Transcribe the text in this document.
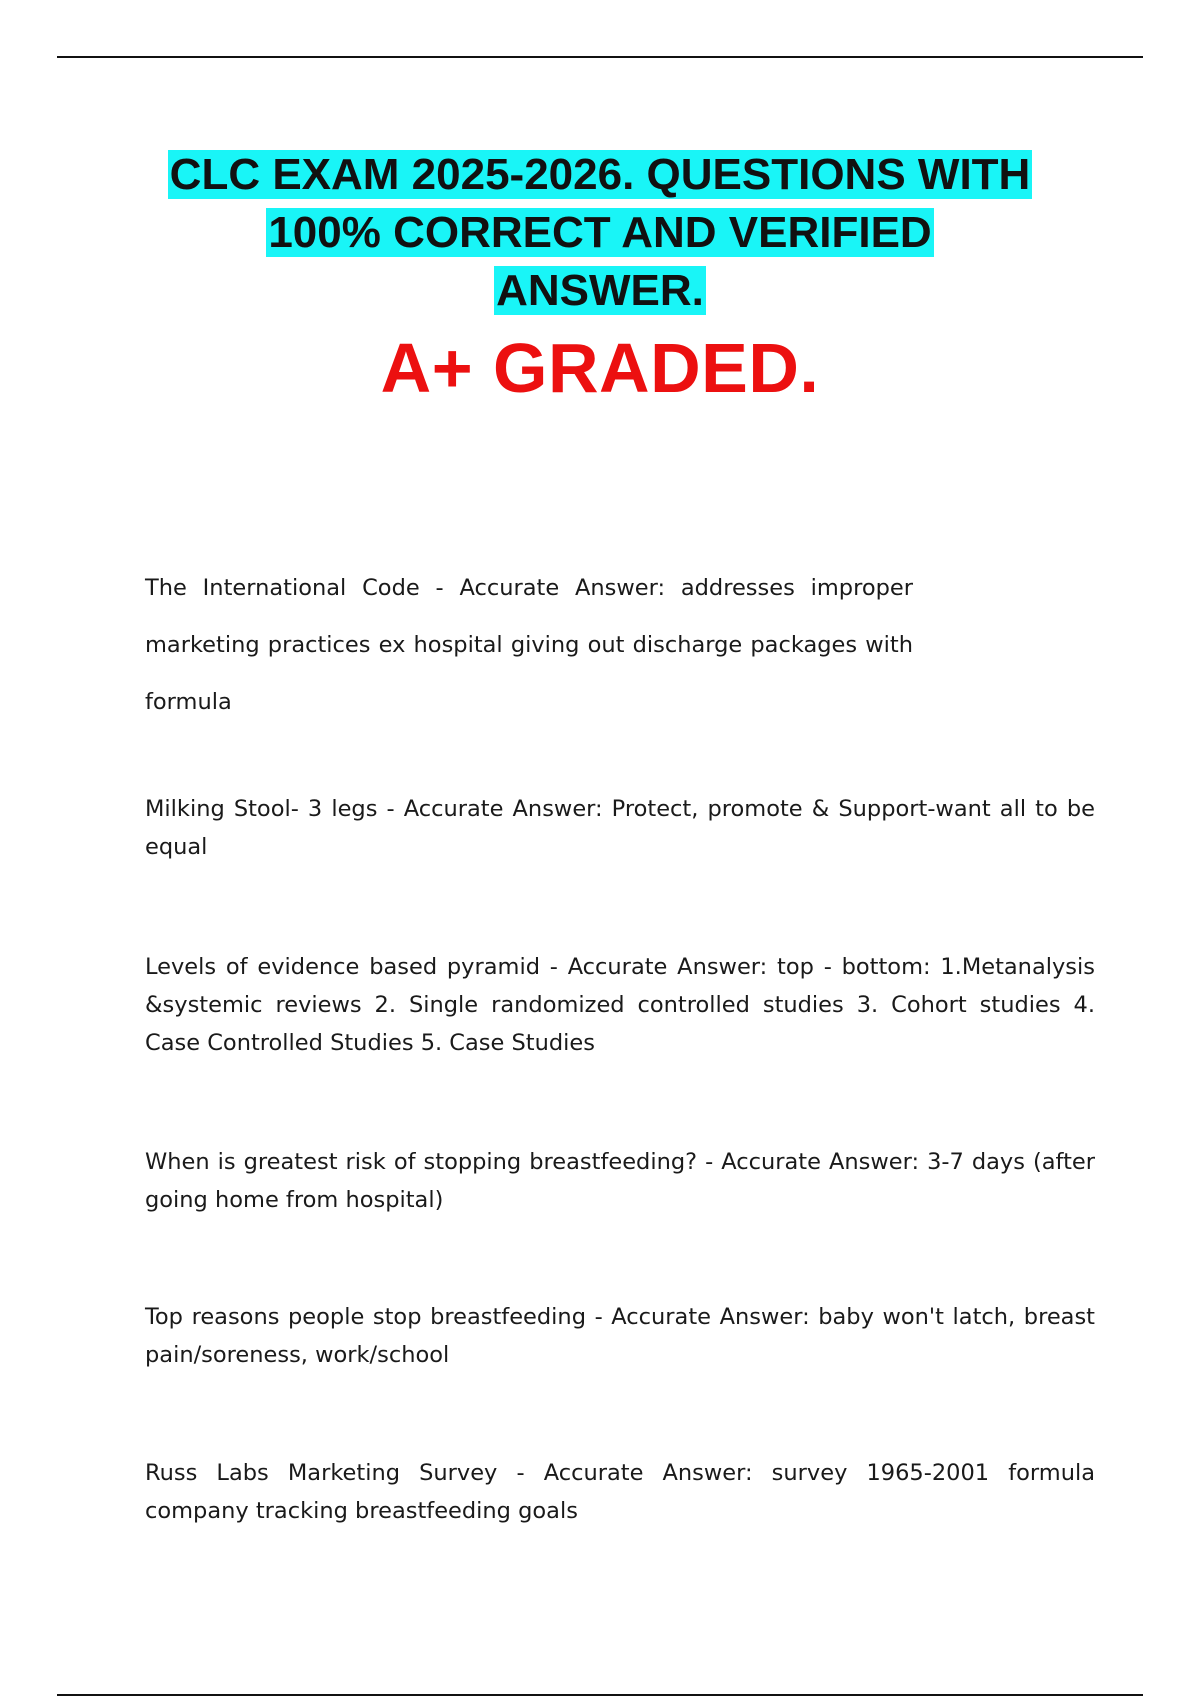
CLC EXAM 2025-2026. QUESTIONS WITH
100% CORRECT AND VERIFIED
ANSWER.
A+ GRADED.

The International Code - Accurate Answer: addresses improper marketing practices ex hospital giving out discharge packages with formula

Milking Stool- 3 legs - Accurate Answer: Protect, promote & Support-want all to be equal

Levels of evidence based pyramid - Accurate Answer: top - bottom: 1.Metanalysis &systemic reviews 2. Single randomized controlled studies 3. Cohort studies 4. Case Controlled Studies 5. Case Studies

When is greatest risk of stopping breastfeeding? - Accurate Answer: 3-7 days (after going home from hospital)

Top reasons people stop breastfeeding - Accurate Answer: baby won't latch, breast pain/soreness, work/school

Russ Labs Marketing Survey - Accurate Answer: survey 1965-2001 formula company tracking breastfeeding goals
